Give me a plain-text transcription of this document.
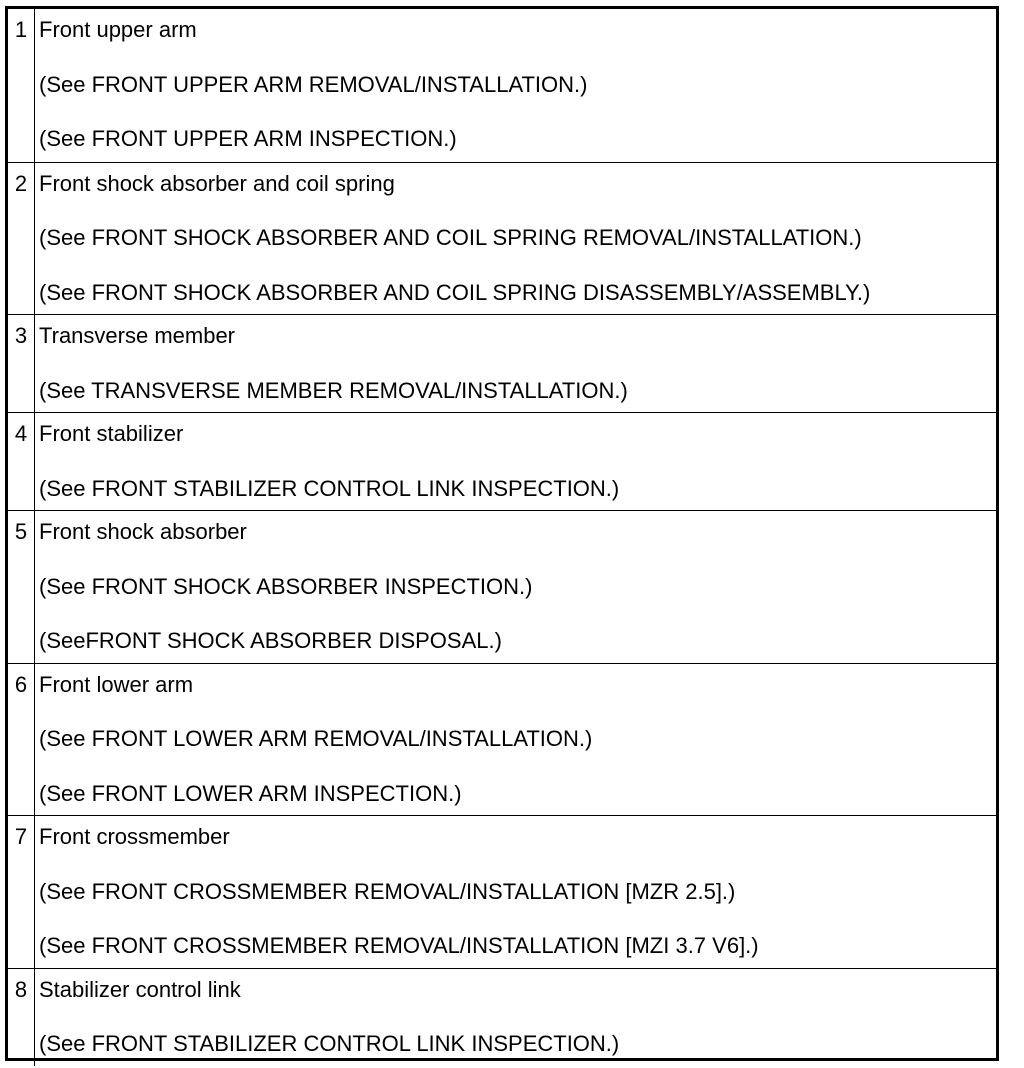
1 Front upper arm
(See FRONT UPPER ARM REMOVAL/INSTALLATION.)
(See FRONT UPPER ARM INSPECTION.)
2 Front shock absorber and coil spring
(See FRONT SHOCK ABSORBER AND COIL SPRING REMOVAL/INSTALLATION.)
(See FRONT SHOCK ABSORBER AND COIL SPRING DISASSEMBLY/ASSEMBLY.)
3 Transverse member
(See TRANSVERSE MEMBER REMOVAL/INSTALLATION.)
4 Front stabilizer
(See FRONT STABILIZER CONTROL LINK INSPECTION.)
5 Front shock absorber
(See FRONT SHOCK ABSORBER INSPECTION.)
(SeeFRONT SHOCK ABSORBER DISPOSAL.)
6 Front lower arm
(See FRONT LOWER ARM REMOVAL/INSTALLATION.)
(See FRONT LOWER ARM INSPECTION.)
7 Front crossmember
(See FRONT CROSSMEMBER REMOVAL/INSTALLATION [MZR 2.5].)
(See FRONT CROSSMEMBER REMOVAL/INSTALLATION [MZI 3.7 V6].)
8 Stabilizer control link
(See FRONT STABILIZER CONTROL LINK INSPECTION.)
